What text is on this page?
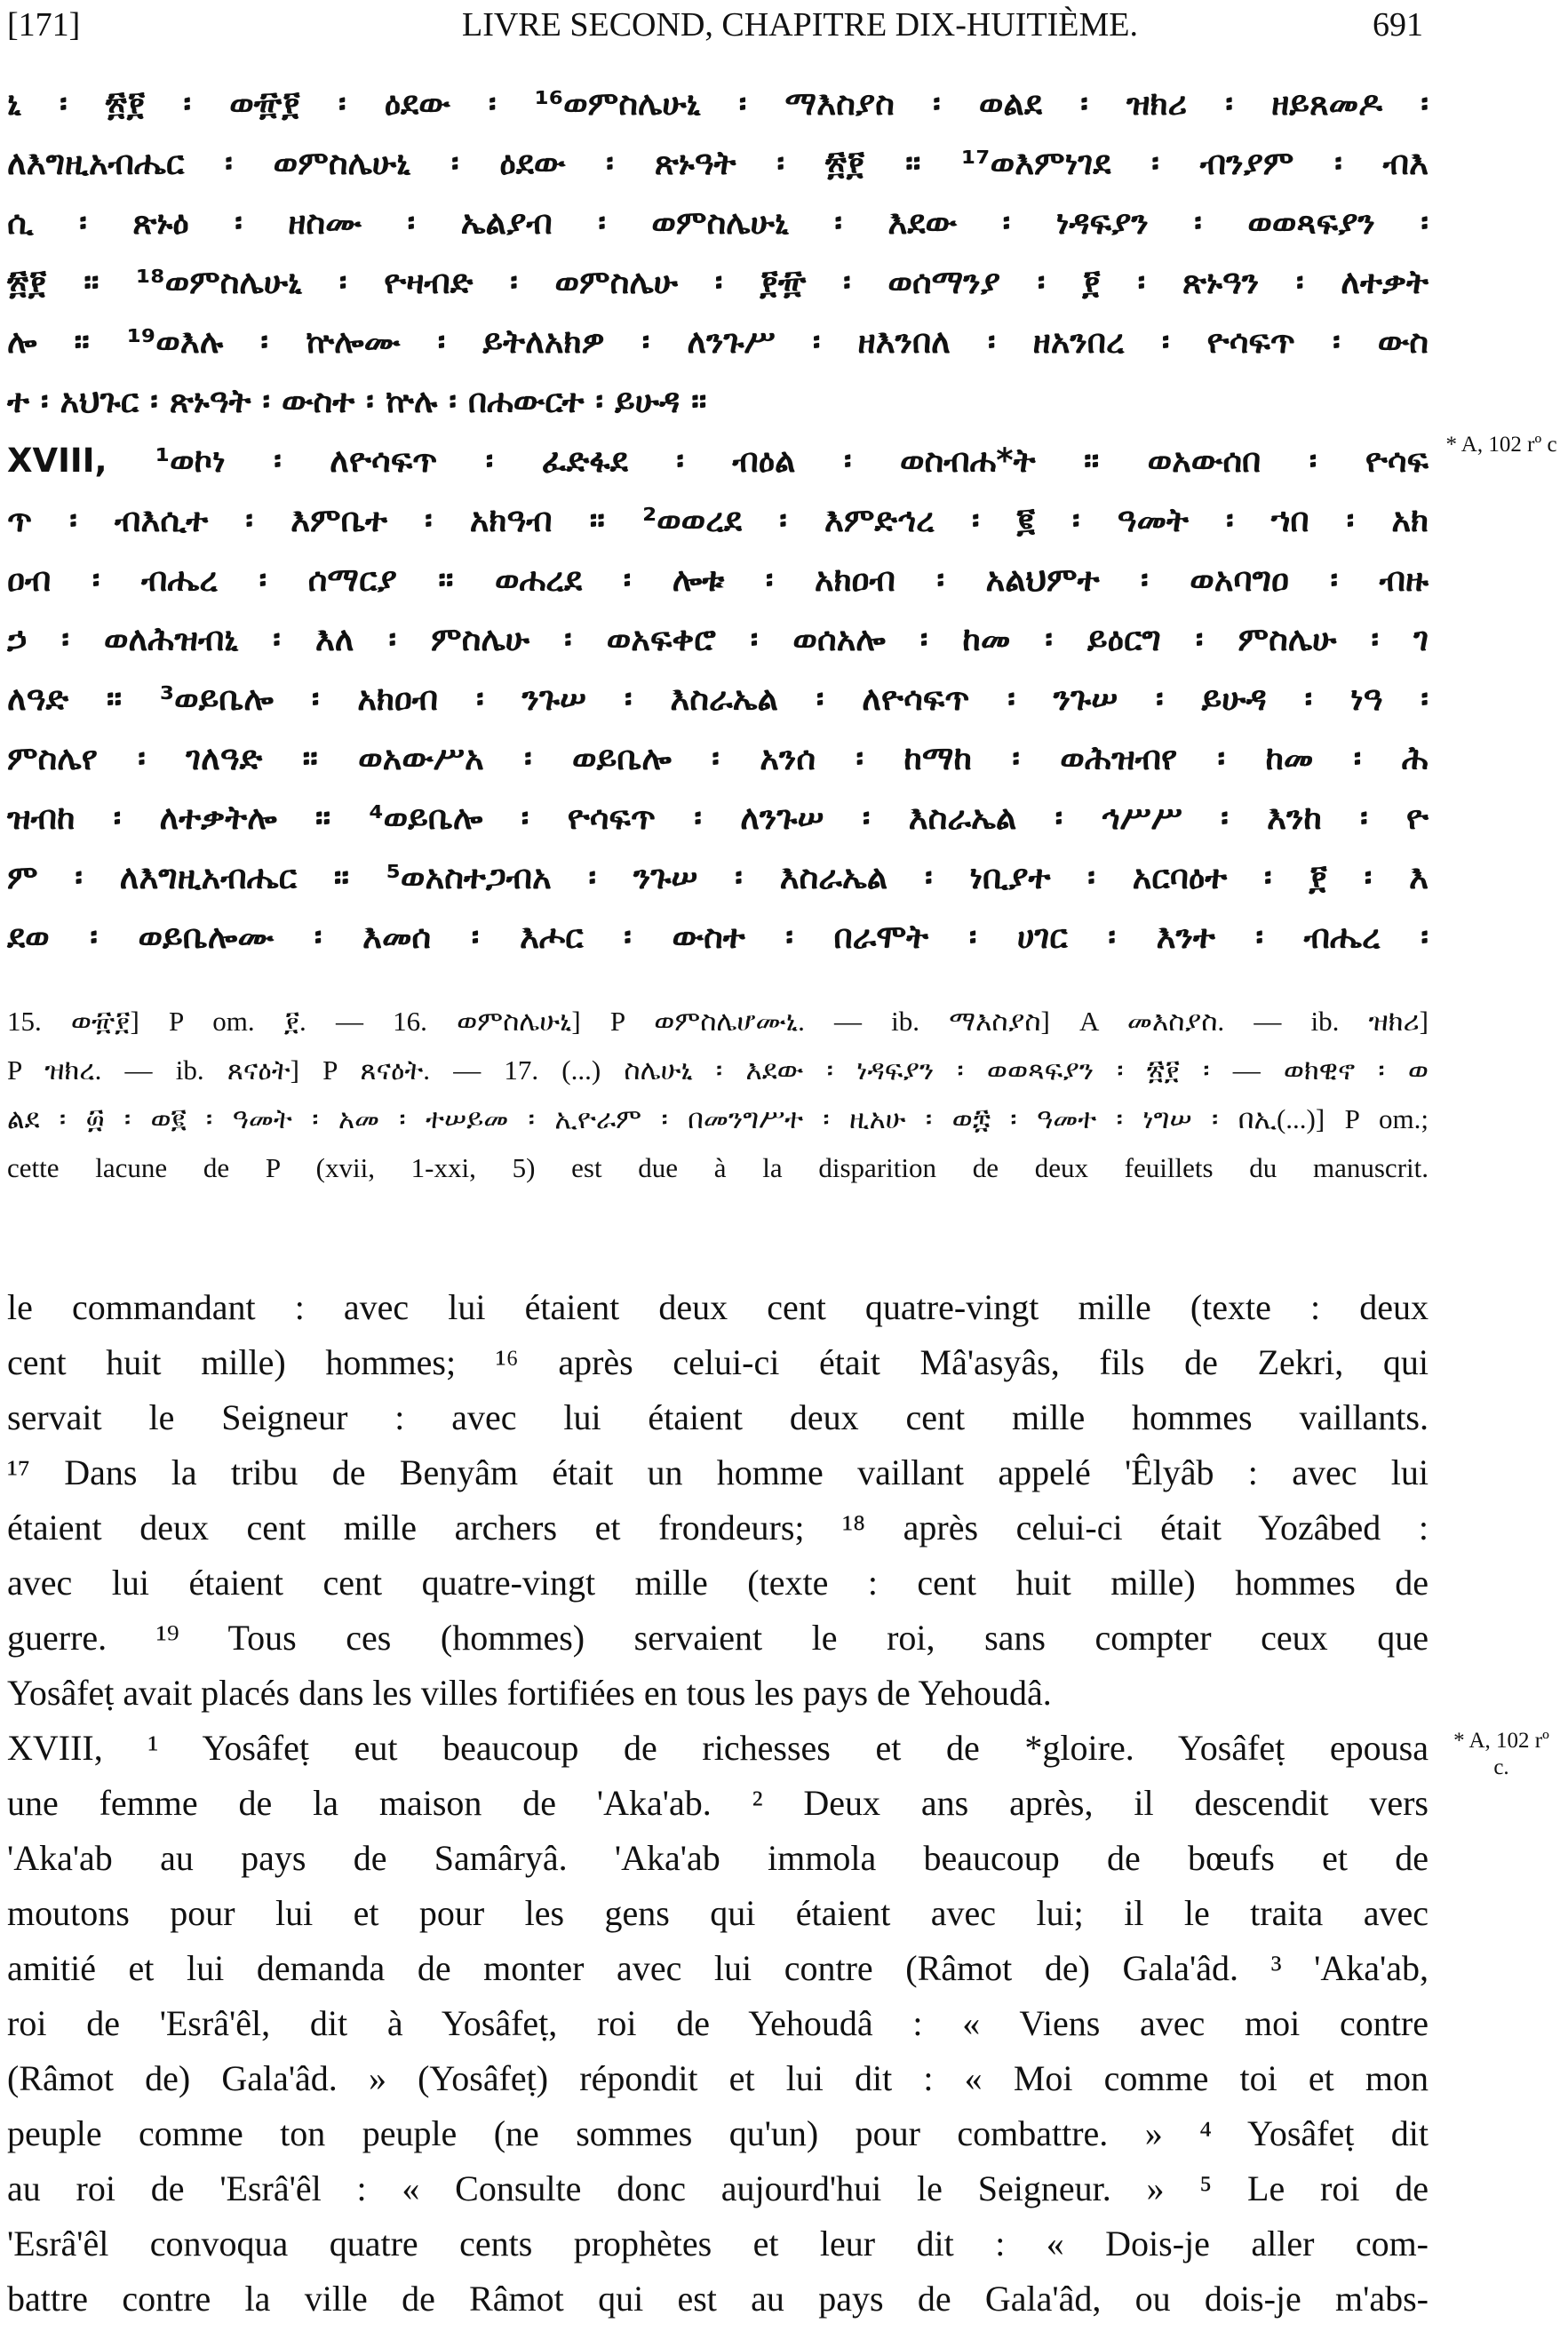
[171]	LIVRE SECOND, CHAPITRE DIX-HUITIÈME.	691
ኒ ፡ ፳፻ ፡ ወ፹፻ ፡ ዕደው ፡ ¹⁶ወምስሌሁኒ ፡ ማእስያስ ፡ ወልደ ፡ ዝክሪ ፡ ዘይጸመዶ ፡
ለእግዚአብሔር ፡ ወምስሌሁኒ ፡ ዕደው ፡ ጽኑዓት ፡ ፳፻ ። ¹⁷ወእምነገደ ፡ ብንያም ፡ ብእ
ሲ ፡ ጽኑዕ ፡ ዘስሙ ፡ ኤልያብ ፡ ወምስሌሁኒ ፡ እደው ፡ ነዳፍያን ፡ ወወጻፍያን ፡
፳፻ ። ¹⁸ወምስሌሁኒ ፡ ዮዛብድ ፡ ወምስሌሁ ፡ ፻፹ ፡ ወሰማንያ ፡ ፻ ፡ ጽኑዓን ፡ ለተቃት
ሎ ። ¹⁹ወእሉ ፡ ኵሎሙ ፡ ይትለአክዎ ፡ ለንጉሥ ፡ ዘእንበለ ፡ ዘአንበረ ፡ ዮሳፍጥ ፡ ውስ
ተ ፡ አህጉር ፡ ጽኑዓት ፡ ውስተ ፡ ኵሉ ፡ በሐውርተ ፡ ይሁዳ ።
XVIII, ¹ወኮነ ፡ ለዮሳፍጥ ፡ ፈድፋደ ፡ ብዕል ፡ ወስብሐ*ት ። ወአውሰበ ፡ ዮሳፍ
ጥ ፡ ብእሲተ ፡ እምቤተ ፡ አክዓብ ። ²ወወረደ ፡ እምድኅረ ፡ ፪ ፡ ዓመት ፡ ኀበ ፡ አክ
ዐብ ፡ ብሔረ ፡ ሰማርያ ። ወሐረደ ፡ ሎቱ ፡ አክዐብ ፡ አልህምተ ፡ ወአባግዐ ፡ ብዙ
ኃ ፡ ወለሕዝብኒ ፡ እለ ፡ ምስሌሁ ፡ ወአፍቀሮ ፡ ወሰአሎ ፡ ከመ ፡ ይዕርግ ፡ ምስሌሁ ፡ ገ
ለዓድ ። ³ወይቤሎ ፡ አክዐብ ፡ ንጉሠ ፡ እስራኤል ፡ ለዮሳፍጥ ፡ ንጉሠ ፡ ይሁዳ ፡ ነዓ ፡
ምስሌየ ፡ ገለዓድ ። ወአውሥአ ፡ ወይቤሎ ፡ አንሰ ፡ ከማከ ፡ ወሕዝብየ ፡ ከመ ፡ ሕ
ዝብከ ፡ ለተቃትሎ ። ⁴ወይቤሎ ፡ ዮሳፍጥ ፡ ለንጉሠ ፡ እስራኤል ፡ ኅሥሥ ፡ እንከ ፡ ዮ
ም ፡ ለእግዚአብሔር ። ⁵ወአስተጋብአ ፡ ንጉሠ ፡ እስራኤል ፡ ነቢያተ ፡ አርባዕተ ፡ ፻ ፡ እ
ደወ ፡ ወይቤሎሙ ፡ እመሰ ፡ እሖር ፡ ውስተ ፡ በራሞት ፡ ሀገር ፡ እንተ ፡ ብሔረ ፡
* A, 102 rº c
15. ወ፹፻] P om. ፻. — 16. ወምስሌሁኒ] P ወምስሌሆሙኒ. — ib. ማእስያስ] A መእስያስ. — ib. ዝክሪ]
P ዝክረ. — ib. ጸናዕት] P ጸናዕት. — 17. (...) ስሌሁኒ ፡ እደው ፡ ነዳፍያን ፡ ወወጻፍያን ፡ ፳፻ ፡ — ወክዊኖ ፡ ወ
ልደ ፡ ፴ ፡ ወ፪ ፡ ዓመት ፡ አመ ፡ ተሠይመ ፡ ኢዮራም ፡ በመንግሥተ ፡ ዚአሁ ፡ ወ፰ ፡ ዓመተ ፡ ነግሠ ፡ በኢ(...)] P om.;
cette lacune de P (xvii, 1-xxi, 5) est due à la disparition de deux feuillets du manuscrit.
le commandant : avec lui étaient deux cent quatre-vingt mille (texte : deux
cent huit mille) hommes; ¹⁶ après celui-ci était Mâ'asyâs, fils de Zekri, qui
servait le Seigneur : avec lui étaient deux cent mille hommes vaillants.
¹⁷ Dans la tribu de Benyâm était un homme vaillant appelé 'Êlyâb : avec lui
étaient deux cent mille archers et frondeurs; ¹⁸ après celui-ci était Yozâbed :
avec lui étaient cent quatre-vingt mille (texte : cent huit mille) hommes de
guerre. ¹⁹ Tous ces (hommes) servaient le roi, sans compter ceux que
Yosâfeṭ avait placés dans les villes fortifiées en tous les pays de Yehoudâ.
XVIII, ¹ Yosâfeṭ eut beaucoup de richesses et de *gloire. Yosâfeṭ epousa
une femme de la maison de 'Aka'ab. ² Deux ans après, il descendit vers
'Aka'ab au pays de Samâryâ. 'Aka'ab immola beaucoup de bœufs et de
moutons pour lui et pour les gens qui étaient avec lui; il le traita avec
amitié et lui demanda de monter avec lui contre (Râmot de) Gala'âd. ³ 'Aka'ab,
roi de 'Esrâ'êl, dit à Yosâfeṭ, roi de Yehoudâ : « Viens avec moi contre
(Râmot de) Gala'âd. » (Yosâfeṭ) répondit et lui dit : « Moi comme toi et mon
peuple comme ton peuple (ne sommes qu'un) pour combattre. » ⁴ Yosâfeṭ dit
au roi de 'Esrâ'êl : « Consulte donc aujourd'hui le Seigneur. » ⁵ Le roi de
'Esrâ'êl convoqua quatre cents prophètes et leur dit : « Dois-je aller com-
battre contre la ville de Râmot qui est au pays de Gala'âd, ou dois-je m'abs-
* A, 102 rº c.
